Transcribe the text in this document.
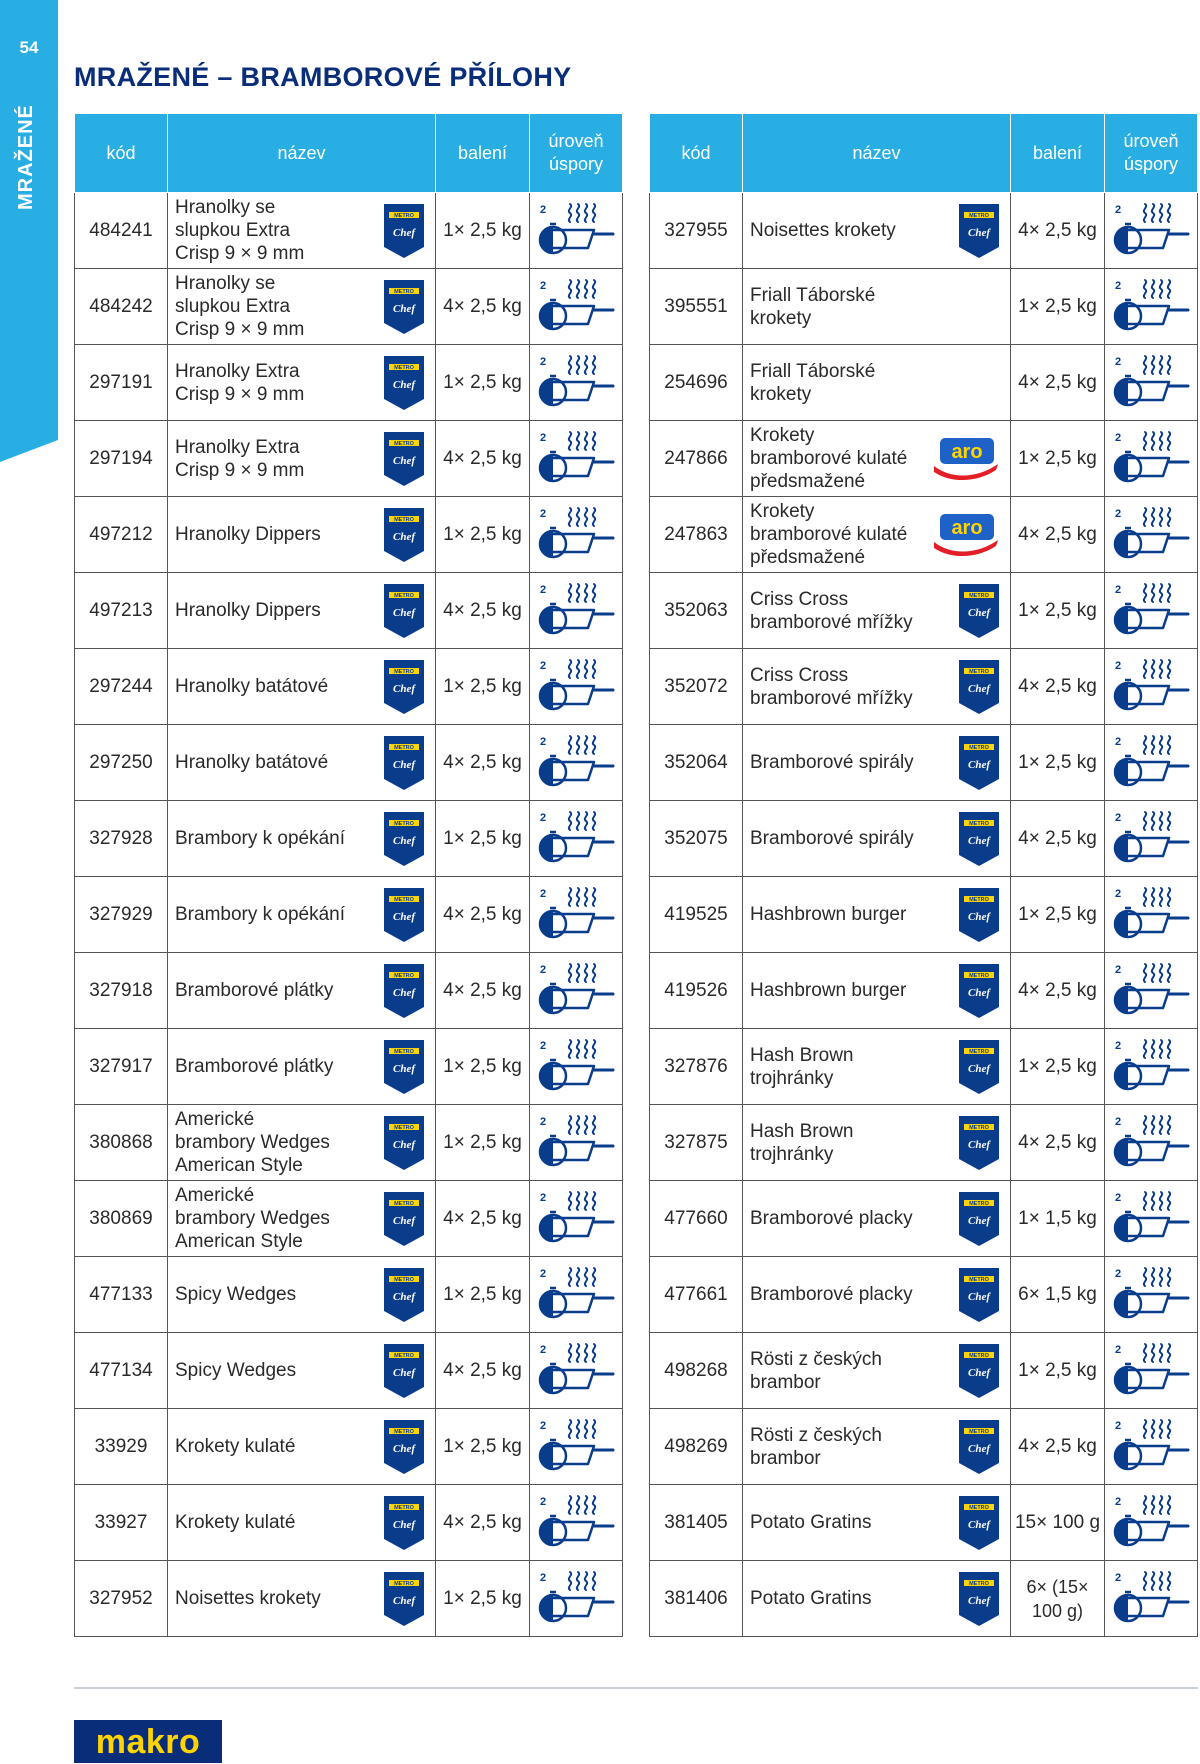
54
MRAŽENÉ
MRAŽENÉ – BRAMBOROVÉ PŘÍLOHY
kód	název	balení	úroveň
úspory
484241	Hranolky se
slupkou Extra
Crisp 9 × 9 mm
METRO
Chef	1× 2,5 kg	2

484242	Hranolky se
slupkou Extra
Crisp 9 × 9 mm
METRO
Chef	4× 2,5 kg	2

297191	Hranolky Extra
Crisp 9 × 9 mm
METRO
Chef	1× 2,5 kg	2

297194	Hranolky Extra
Crisp 9 × 9 mm
METRO
Chef	4× 2,5 kg	2

497212	Hranolky Dippers
METRO
Chef	1× 2,5 kg	2

497213	Hranolky Dippers
METRO
Chef	4× 2,5 kg	2

297244	Hranolky batátové
METRO
Chef	1× 2,5 kg	2

297250	Hranolky batátové
METRO
Chef	4× 2,5 kg	2

327928	Brambory k opékání
METRO
Chef	1× 2,5 kg	2

327929	Brambory k opékání
METRO
Chef	4× 2,5 kg	2

327918	Bramborové plátky
METRO
Chef	4× 2,5 kg	2

327917	Bramborové plátky
METRO
Chef	1× 2,5 kg	2

380868	Americké
brambory Wedges
American Style
METRO
Chef	1× 2,5 kg	2

380869	Americké
brambory Wedges
American Style
METRO
Chef	4× 2,5 kg	2

477133	Spicy Wedges
METRO
Chef	1× 2,5 kg	2

477134	Spicy Wedges
METRO
Chef	4× 2,5 kg	2

33929	Krokety kulaté
METRO
Chef	1× 2,5 kg	2

33927	Krokety kulaté
METRO
Chef	4× 2,5 kg	2

327952	Noisettes krokety
METRO
Chef	1× 2,5 kg	2
kód	název	balení	úroveň
úspory
327955	Noisettes krokety
METRO
Chef	4× 2,5 kg	2

395551	Friall Táborské
krokety	1× 2,5 kg	2

254696	Friall Táborské
krokety	4× 2,5 kg	2

247866	Krokety
bramborové kulaté
předsmažené
aro	1× 2,5 kg	2

247863	Krokety
bramborové kulaté
předsmažené
aro	4× 2,5 kg	2

352063	Criss Cross
bramborové mřížky
METRO
Chef	1× 2,5 kg	2

352072	Criss Cross
bramborové mřížky
METRO
Chef	4× 2,5 kg	2

352064	Bramborové spirály
METRO
Chef	1× 2,5 kg	2

352075	Bramborové spirály
METRO
Chef	4× 2,5 kg	2

419525	Hashbrown burger
METRO
Chef	1× 2,5 kg	2

419526	Hashbrown burger
METRO
Chef	4× 2,5 kg	2

327876	Hash Brown
trojhránky
METRO
Chef	1× 2,5 kg	2

327875	Hash Brown
trojhránky
METRO
Chef	4× 2,5 kg	2

477660	Bramborové placky
METRO
Chef	1× 1,5 kg	2

477661	Bramborové placky
METRO
Chef	6× 1,5 kg	2

498268	Rösti z českých
brambor
METRO
Chef	1× 2,5 kg	2

498269	Rösti z českých
brambor
METRO
Chef	4× 2,5 kg	2

381405	Potato Gratins
METRO
Chef	15× 100 g	2

381406	Potato Gratins
METRO
Chef	6× (15× 100 g)	2
makro
